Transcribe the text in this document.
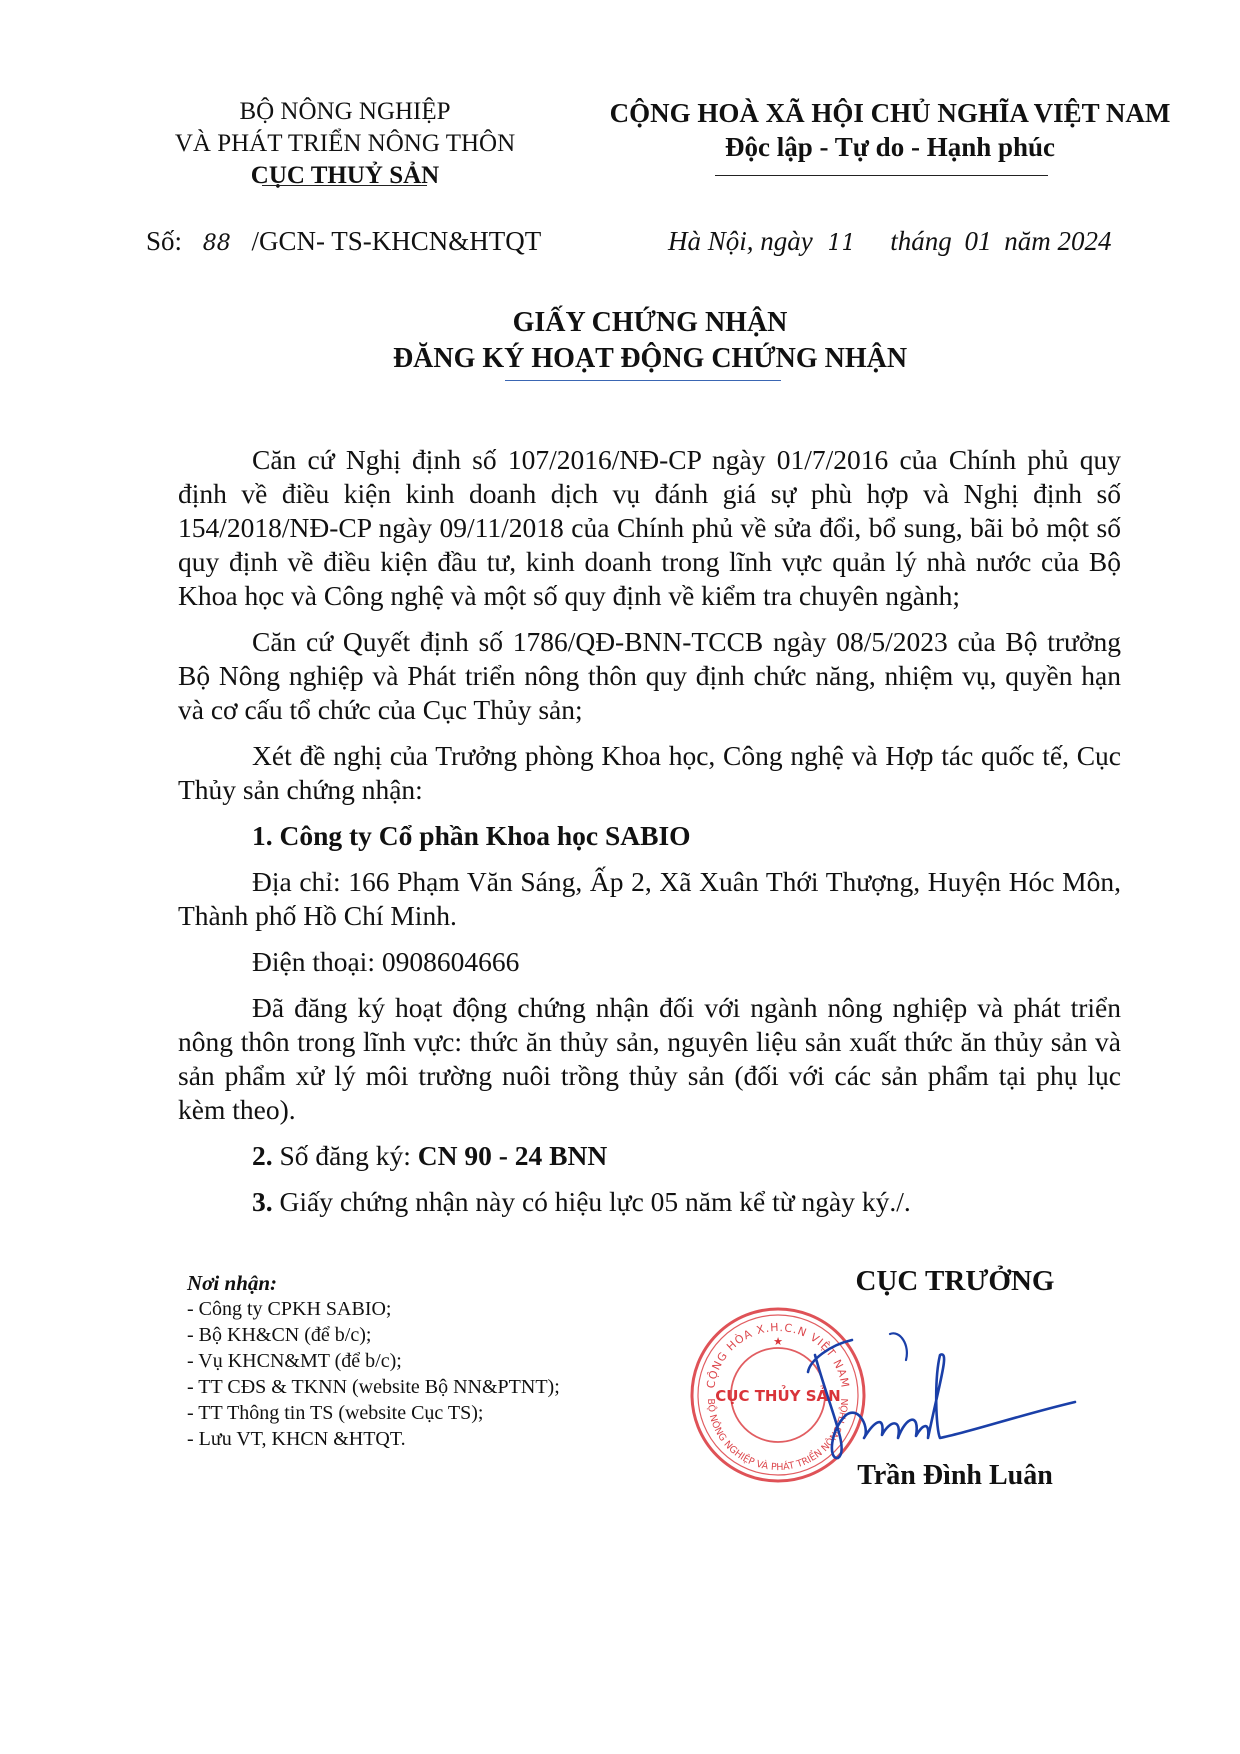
BỘ NÔNG NGHIỆP
VÀ PHÁT TRIỂN NÔNG THÔN
CỤC THUỶ SẢN
CỘNG HOÀ XÃ HỘI CHỦ NGHĨA VIỆT NAM
Độc lập - Tự do - Hạnh phúc
Số: 88 /GCN- TS-KHCN&HTQT	Hà Nội, ngày 11 tháng 01 năm 2024
GIẤY CHỨNG NHẬN
ĐĂNG KÝ HOẠT ĐỘNG CHỨNG NHẬN

Căn cứ Nghị định số 107/2016/NĐ-CP ngày 01/7/2016 của Chính phủ quy định về điều kiện kinh doanh dịch vụ đánh giá sự phù hợp và Nghị định số 154/2018/NĐ-CP ngày 09/11/2018 của Chính phủ về sửa đổi, bổ sung, bãi bỏ một số quy định về điều kiện đầu tư, kinh doanh trong lĩnh vực quản lý nhà nước của Bộ Khoa học và Công nghệ và một số quy định về kiểm tra chuyên ngành;

Căn cứ Quyết định số 1786/QĐ-BNN-TCCB ngày 08/5/2023 của Bộ trưởng Bộ Nông nghiệp và Phát triển nông thôn quy định chức năng, nhiệm vụ, quyền hạn và cơ cấu tổ chức của Cục Thủy sản;

Xét đề nghị của Trưởng phòng Khoa học, Công nghệ và Hợp tác quốc tế, Cục Thủy sản chứng nhận:

1. Công ty Cổ phần Khoa học SABIO

Địa chỉ: 166 Phạm Văn Sáng, Ấp 2, Xã Xuân Thới Thượng, Huyện Hóc Môn, Thành phố Hồ Chí Minh.

Điện thoại: 0908604666

Đã đăng ký hoạt động chứng nhận đối với ngành nông nghiệp và phát triển nông thôn trong lĩnh vực: thức ăn thủy sản, nguyên liệu sản xuất thức ăn thủy sản và sản phẩm xử lý môi trường nuôi trồng thủy sản (đối với các sản phẩm tại phụ lục kèm theo).

2. Số đăng ký: CN 90 - 24 BNN

3. Giấy chứng nhận này có hiệu lực 05 năm kể từ ngày ký./.

Nơi nhận:
- Công ty CPKH SABIO;
- Bộ KH&CN (để b/c);
- Vụ KHCN&MT (để b/c);
- TT CĐS & TKNN (website Bộ NN&PTNT);
- TT Thông tin TS (website Cục TS);
- Lưu VT, KHCN &HTQT.
CỤC TRƯỞNG
CỘNG HÒA X.H.C.N VIỆT NAM
BỘ NÔNG NGHIỆP VÀ PHÁT TRIỂN NÔNG THÔN
CỤC THỦY SẢN
★
Trần Đình Luân
